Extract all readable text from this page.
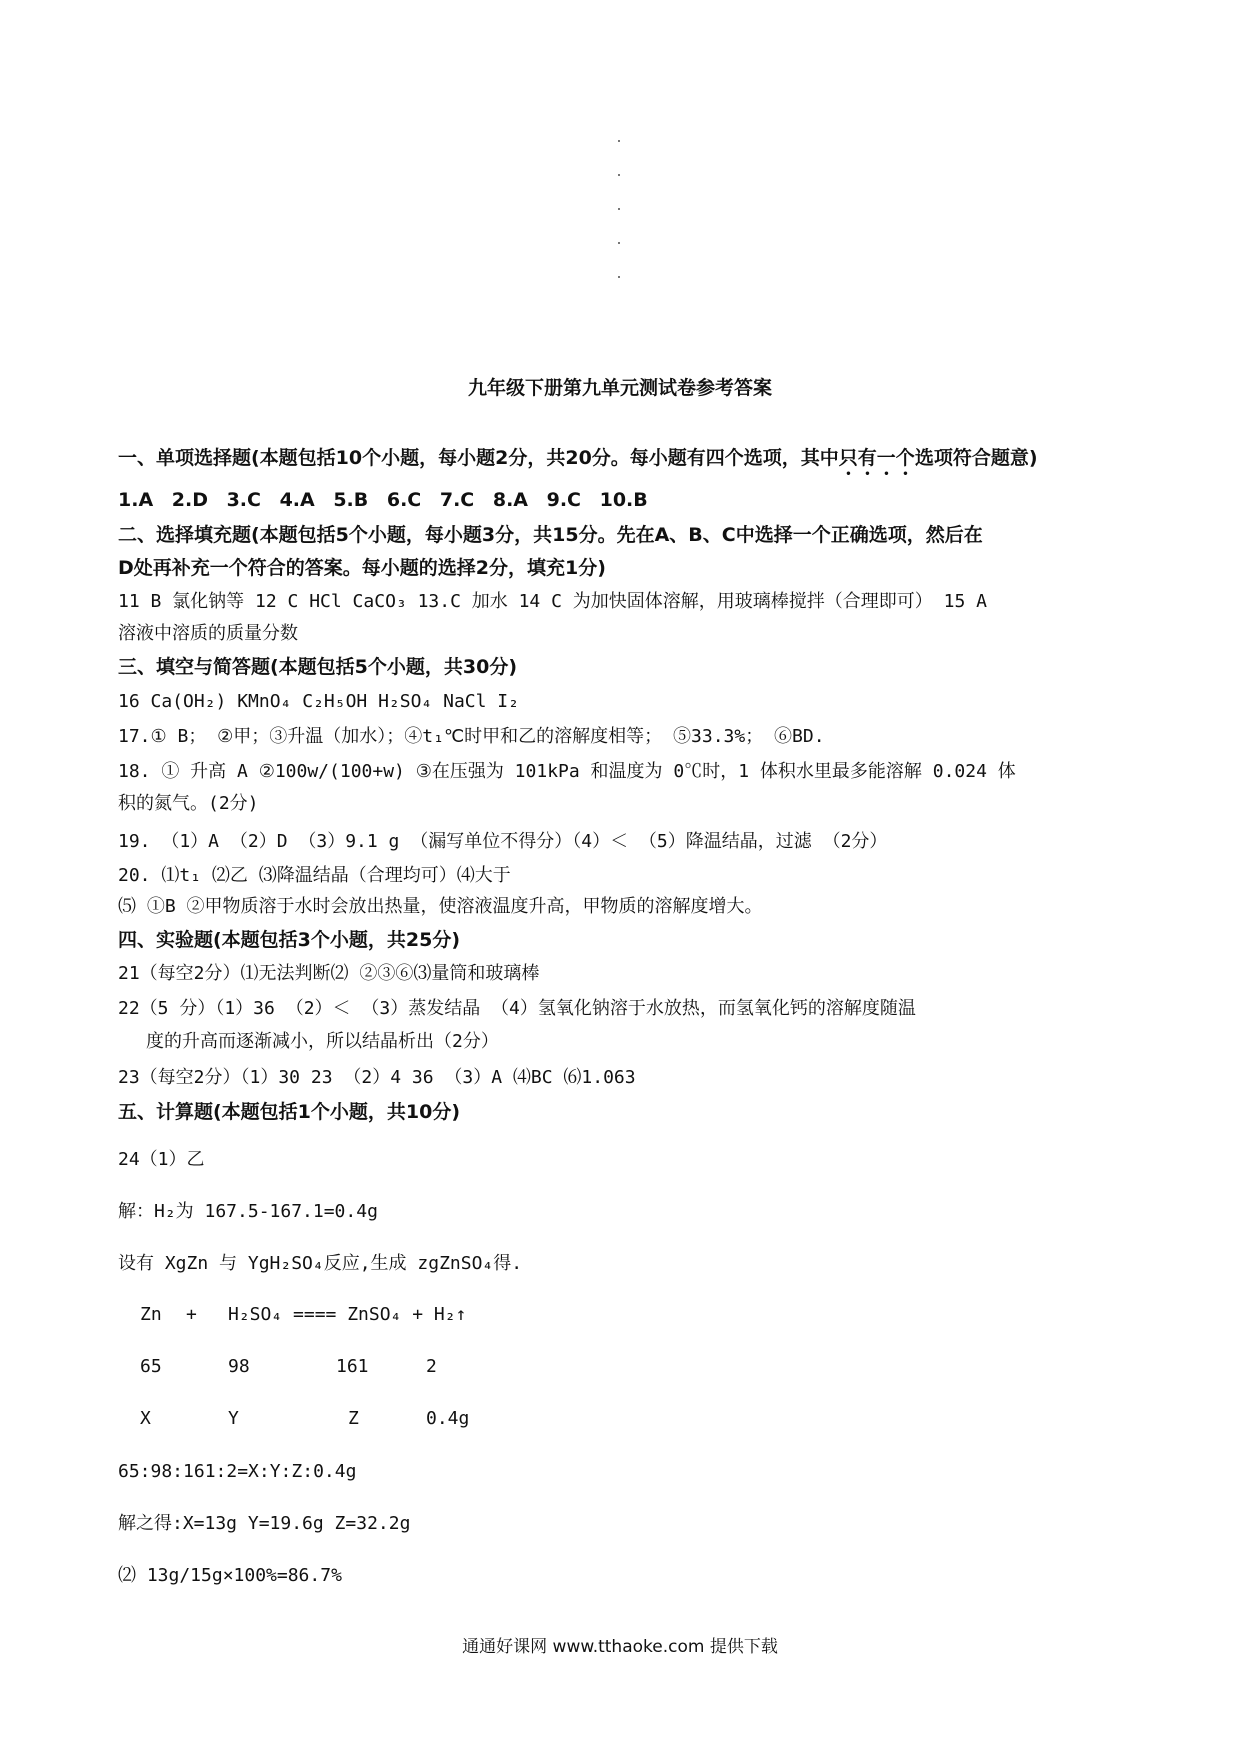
九年级下册第九单元测试卷参考答案
一、单项选择题(本题包括10个小题，每小题2分，共20分。每小题有四个选项，其中只有一个选项符合题意)
1.A 2.D 3.C 4.A 5.B 6.C 7.C 8.A 9.C 10.B
二、选择填充题(本题包括5个小题，每小题3分，共15分。先在A、B、C中选择一个正确选项，然后在
D处再补充一个符合的答案。每小题的选择2分，填充1分)
11 B 氯化钠等 12 C HCl CaCO₃ 13.C 加水 14 C 为加快固体溶解，用玻璃棒搅拌（合理即可） 15 A
溶液中溶质的质量分数
三、填空与简答题(本题包括5个小题，共30分)
16 Ca(OH₂) KMnO₄ C₂H₅OH H₂SO₄ NaCl I₂
17.① B； ②甲；③升温（加水）；④t₁℃时甲和乙的溶解度相等； ⑤33.3%； ⑥BD.
18. ① 升高 A ②100w/(100+w) ③在压强为 101kPa 和温度为 0℃时，1 体积水里最多能溶解 0.024 体
积的氮气。(2分)
19. （1）A （2）D （3）9.1 g （漏写单位不得分）（4）＜ （5）降温结晶，过滤 （2分）
20. ⑴t₁ ⑵乙 ⑶降温结晶（合理均可）⑷大于
⑸ ①B ②甲物质溶于水时会放出热量，使溶液温度升高，甲物质的溶解度增大。
四、实验题(本题包括3个小题，共25分)
21（每空2分）⑴无法判断⑵ ②③⑥⑶量筒和玻璃棒
22（5 分）（1）36 （2）＜ （3）蒸发结晶 （4）氢氧化钠溶于水放热，而氢氧化钙的溶解度随温
度的升高而逐渐减小，所以结晶析出（2分）
23（每空2分）（1）30 23 （2）4 36 （3）A ⑷BC ⑹1.063
五、计算题(本题包括1个小题，共10分)
24（1）乙
解：H₂为 167.5-167.1=0.4g
设有 XgZn 与 YgH₂SO₄反应,生成 zgZnSO₄得.
Zn + H₂SO₄ ==== ZnSO₄ + H₂↑
65	98	161	2
X	Y	Z	0.4g
65:98:161:2=X:Y:Z:0.4g
解之得:X=13g Y=19.6g Z=32.2g
⑵ 13g/15g×100%=86.7%
通通好课网 www.tthaoke.com 提供下载
